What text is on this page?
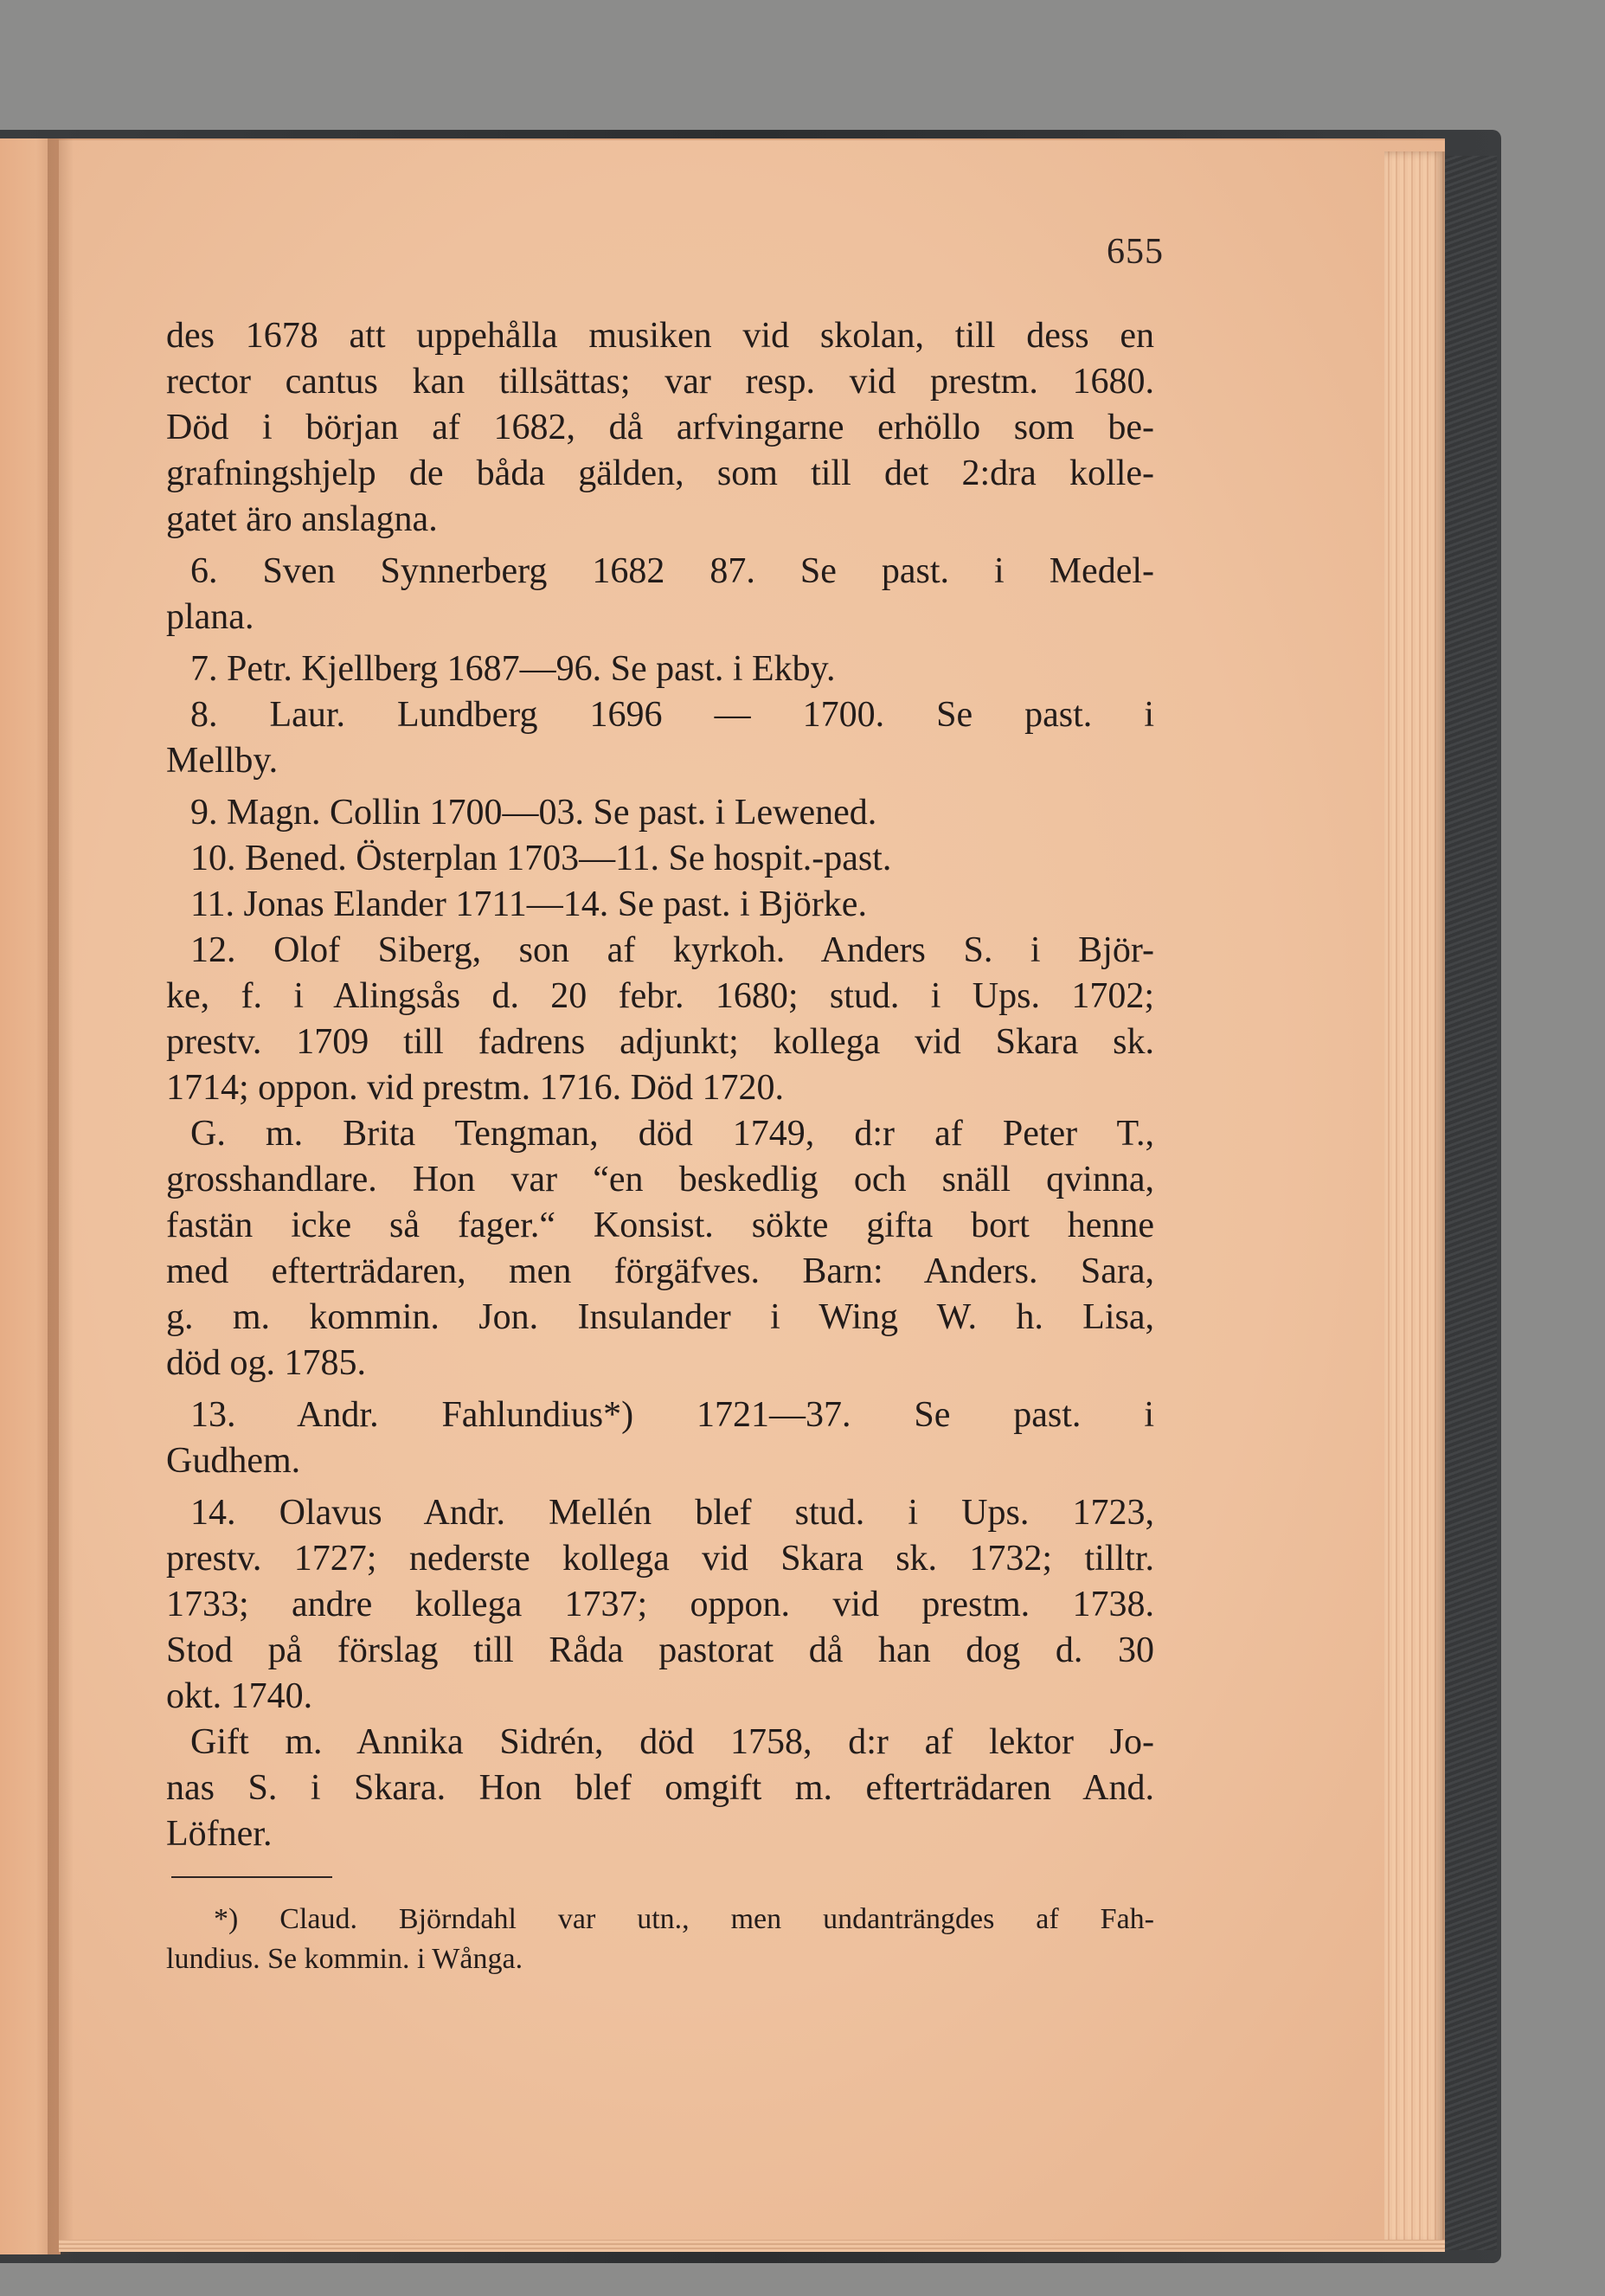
655
des 1678 att uppehålla musiken vid skolan, till dess en
rector cantus kan tillsättas; var resp. vid prestm. 1680.
Död i början af 1682, då arfvingarne erhöllo som be-
grafningshjelp de båda gälden, som till det 2:dra kolle-
gatet äro anslagna.
6. Sven Synnerberg 1682 87. Se past. i Medel-
plana.
7. Petr. Kjellberg 1687—96. Se past. i Ekby.
8. Laur. Lundberg 1696 — 1700. Se past. i
Mellby.
9. Magn. Collin 1700—03. Se past. i Lewened.
10. Bened. Österplan 1703—11. Se hospit.-past.
11. Jonas Elander 1711—14. Se past. i Björke.
12. Olof Siberg, son af kyrkoh. Anders S. i Björ-
ke, f. i Alingsås d. 20 febr. 1680; stud. i Ups. 1702;
prestv. 1709 till fadrens adjunkt; kollega vid Skara sk.
1714; oppon. vid prestm. 1716. Död 1720.
G. m. Brita Tengman, död 1749, d:r af Peter T.,
grosshandlare. Hon var “en beskedlig och snäll qvinna,
fastän icke så fager.“ Konsist. sökte gifta bort henne
med efterträdaren, men förgäfves. Barn: Anders. Sara,
g. m. kommin. Jon. Insulander i Wing W. h. Lisa,
död og. 1785.
13. Andr. Fahlundius*) 1721—37. Se past. i
Gudhem.
14. Olavus Andr. Mellén blef stud. i Ups. 1723,
prestv. 1727; nederste kollega vid Skara sk. 1732; tilltr.
1733; andre kollega 1737; oppon. vid prestm. 1738.
Stod på förslag till Råda pastorat då han dog d. 30
okt. 1740.
Gift m. Annika Sidrén, död 1758, d:r af lektor Jo-
nas S. i Skara. Hon blef omgift m. efterträdaren And.
Löfner.
*) Claud. Björndahl var utn., men undanträngdes af Fah-
lundius. Se kommin. i Wånga.
